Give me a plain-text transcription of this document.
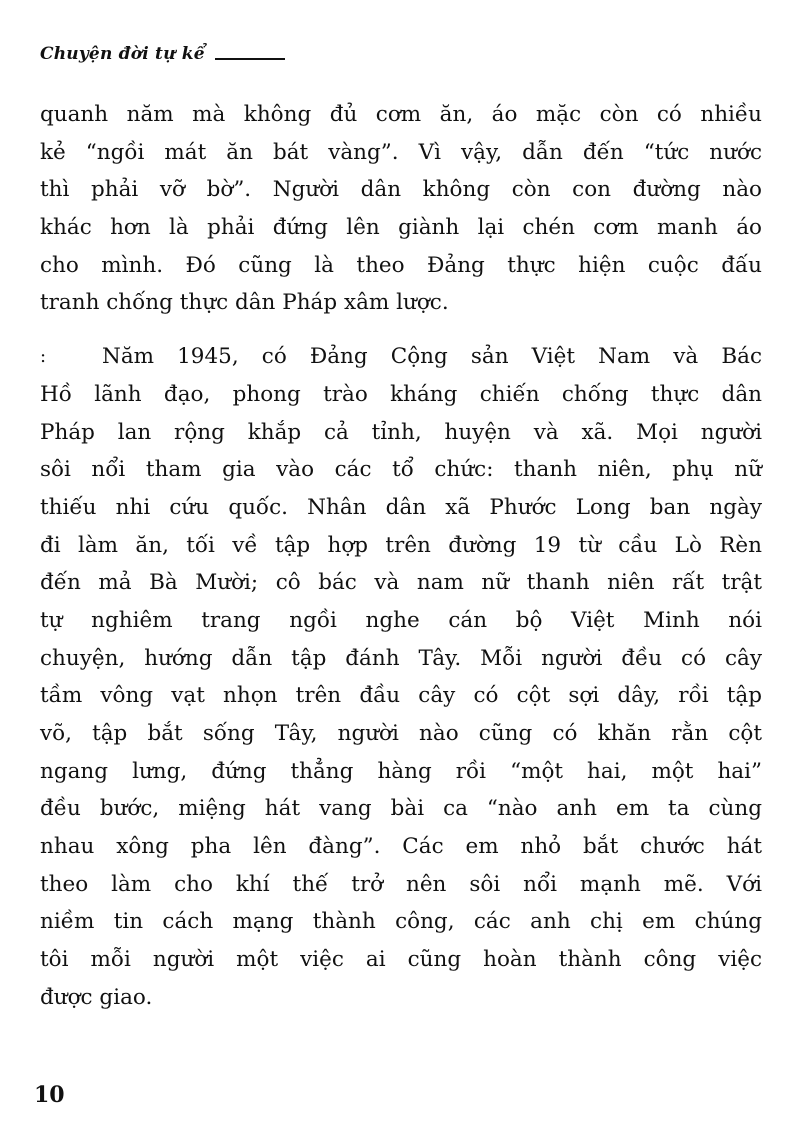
Chuyện đời tự kể
quanh năm mà không đủ cơm ăn, áo mặc còn có nhiều
kẻ “ngồi mát ăn bát vàng”. Vì vậy, dẫn đến “tức nước
thì phải vỡ bờ”. Người dân không còn con đường nào
khác hơn là phải đứng lên giành lại chén cơm manh áo
cho mình. Đó cũng là theo Đảng thực hiện cuộc đấu
tranh chống thực dân Pháp xâm lược.
:	Năm 1945, có Đảng Cộng sản Việt Nam và Bác
Hồ lãnh đạo, phong trào kháng chiến chống thực dân
Pháp lan rộng khắp cả tỉnh, huyện và xã. Mọi người
sôi nổi tham gia vào các tổ chức: thanh niên, phụ nữ
thiếu nhi cứu quốc. Nhân dân xã Phước Long ban ngày
đi làm ăn, tối về tập hợp trên đường 19 từ cầu Lò Rèn
đến mả Bà Mười; cô bác và nam nữ thanh niên rất trật
tự nghiêm trang ngồi nghe cán bộ Việt Minh nói
chuyện, hướng dẫn tập đánh Tây. Mỗi người đều có cây
tầm vông vạt nhọn trên đầu cây có cột sợi dây, rồi tập
võ, tập bắt sống Tây, người nào cũng có khăn rằn cột
ngang lưng, đứng thẳng hàng rồi “một hai, một hai”
đều bước, miệng hát vang bài ca “nào anh em ta cùng
nhau xông pha lên đàng”. Các em nhỏ bắt chước hát
theo làm cho khí thế trở nên sôi nổi mạnh mẽ. Với
niềm tin cách mạng thành công, các anh chị em chúng
tôi mỗi người một việc ai cũng hoàn thành công việc
được giao.
10
